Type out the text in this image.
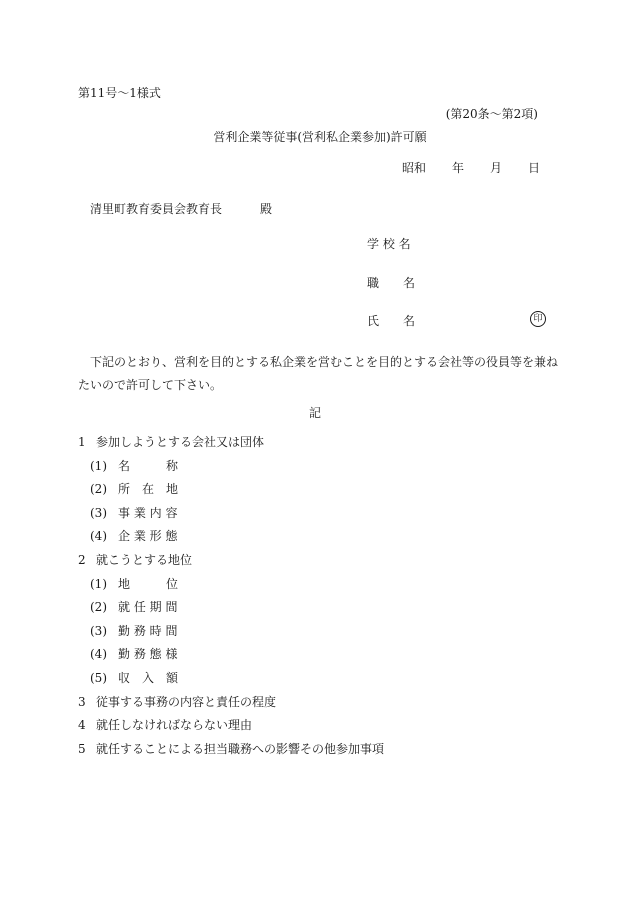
第11号〜1様式
(第20条〜第2項)
営利企業等従事(営利私企業参加)許可願
昭和 年 月 日
清里町教育委員会教育長	殿
学 校 名
職　　名
氏　　名	印
下記のとおり、営利を目的とする私企業を営むことを目的とする会社等の役員等を兼ねたいので許可して下さい。
記
1 参加しようとする会社又は団体
(1) 名　　　称
(2) 所　在　地
(3) 事 業 内 容
(4) 企 業 形 態
2 就こうとする地位
(1) 地　　　位
(2) 就 任 期 間
(3) 勤 務 時 間
(4) 勤 務 態 様
(5) 収　入　額
3 従事する事務の内容と責任の程度
4 就任しなければならない理由
5 就任することによる担当職務への影響その他参加事項
